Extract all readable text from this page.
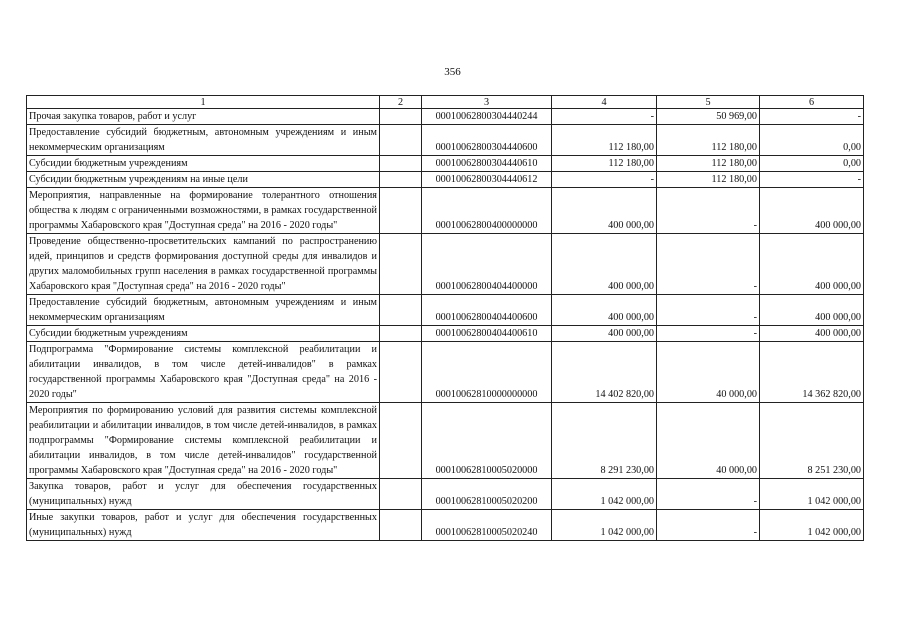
356
1	2	3	4	5	6
Прочая закупка товаров, работ и услуг		00010062800304440244	-	50 969,00	-
Предоставление субсидий бюджетным, автономным учреждениям и иным некоммерческим организациям		00010062800304440600	112 180,00	112 180,00	0,00
Субсидии бюджетным учреждениям		00010062800304440610	112 180,00	112 180,00	0,00
Субсидии бюджетным учреждениям на иные цели		00010062800304440612	-	112 180,00	-
Мероприятия, направленные на формирование толерантного отношения общества к людям с ограниченными возможностями, в рамках государственной программы Хабаровского края "Доступная среда" на 2016 - 2020 годы"		00010062800400000000	400 000,00	-	400 000,00
Проведение общественно-просветительских кампаний по распространению идей, принципов и средств формирования доступной среды для инвалидов и других маломобильных групп населения в рамках государственной программы Хабаровского края "Доступная среда" на 2016 - 2020 годы"		00010062800404400000	400 000,00	-	400 000,00
Предоставление субсидий бюджетным, автономным учреждениям и иным некоммерческим организациям		00010062800404400600	400 000,00	-	400 000,00
Субсидии бюджетным учреждениям		00010062800404400610	400 000,00	-	400 000,00
Подпрограмма "Формирование системы комплексной реабилитации и абилитации инвалидов, в том числе детей-инвалидов" в рамках государственной программы Хабаровского края "Доступная среда" на 2016 - 2020 годы"		00010062810000000000	14 402 820,00	40 000,00	14 362 820,00
Мероприятия по формированию условий для развития системы комплексной реабилитации и абилитации инвалидов, в том числе детей-инвалидов, в рамках подпрограммы "Формирование системы комплексной реабилитации и абилитации инвалидов, в том числе детей-инвалидов" государственной программы Хабаровского края "Доступная среда" на 2016 - 2020 годы"		00010062810005020000	8 291 230,00	40 000,00	8 251 230,00
Закупка товаров, работ и услуг для обеспечения государственных (муниципальных) нужд		00010062810005020200	1 042 000,00	-	1 042 000,00
Иные закупки товаров, работ и услуг для обеспечения государственных (муниципальных) нужд		00010062810005020240	1 042 000,00	-	1 042 000,00
